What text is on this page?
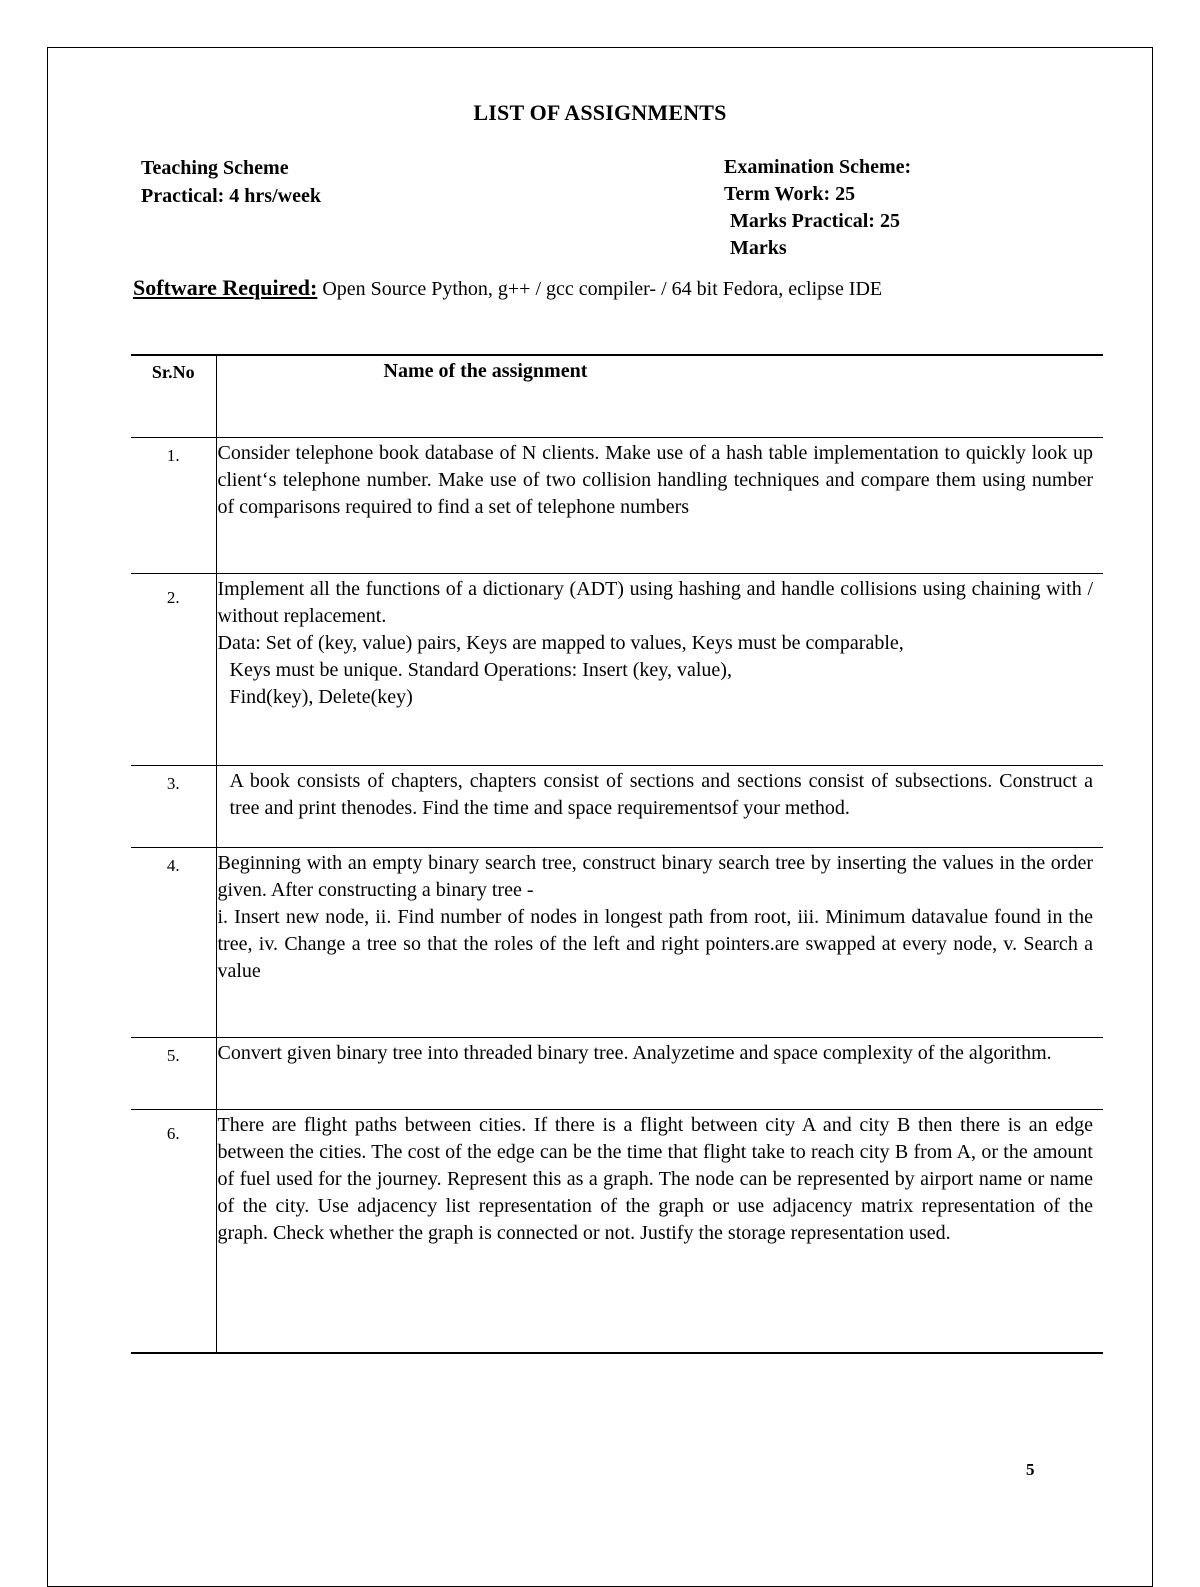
LIST OF ASSIGNMENTS
Teaching Scheme
Practical: 4 hrs/week
Examination Scheme:
Term Work: 25
Marks Practical: 25
Marks
Software Required: Open Source Python, g++ / gcc compiler- / 64 bit Fedora, eclipse IDE
Sr.No	Name of the assignment
1.	Consider telephone book database of N clients. Make use of a hash table implementation to quickly look up client‘s telephone number. Make use of two collision handling techniques and compare them using number of comparisons required to find a set of telephone numbers

2.	Implement all the functions of a dictionary (ADT) using hashing and handle collisions using chaining with / without replacement.

Data: Set of (key, value) pairs, Keys are mapped to values, Keys must be comparable,

Keys must be unique. Standard Operations: Insert (key, value),

Find(key), Delete(key)

3.	A book consists of chapters, chapters consist of sections and sections consist of subsections. Construct a tree and print thenodes. Find the time and space requirementsof your method.

4.	Beginning with an empty binary search tree, construct binary search tree by inserting the values in the order given. After constructing a binary tree -

i. Insert new node, ii. Find number of nodes in longest path from root, iii. Minimum datavalue found in the tree, iv. Change a tree so that the roles of the left and right pointers.are swapped at every node, v. Search a value

5.	Convert given binary tree into threaded binary tree. Analyzetime and space complexity of the algorithm.

6.	There are flight paths between cities. If there is a flight between city A and city B then there is an edge between the cities. The cost of the edge can be the time that flight take to reach city B from A, or the amount of fuel used for the journey. Represent this as a graph. The node can be represented by airport name or name of the city. Use adjacency list representation of the graph or use adjacency matrix representation of the graph. Check whether the graph is connected or not. Justify the storage representation used.

5
